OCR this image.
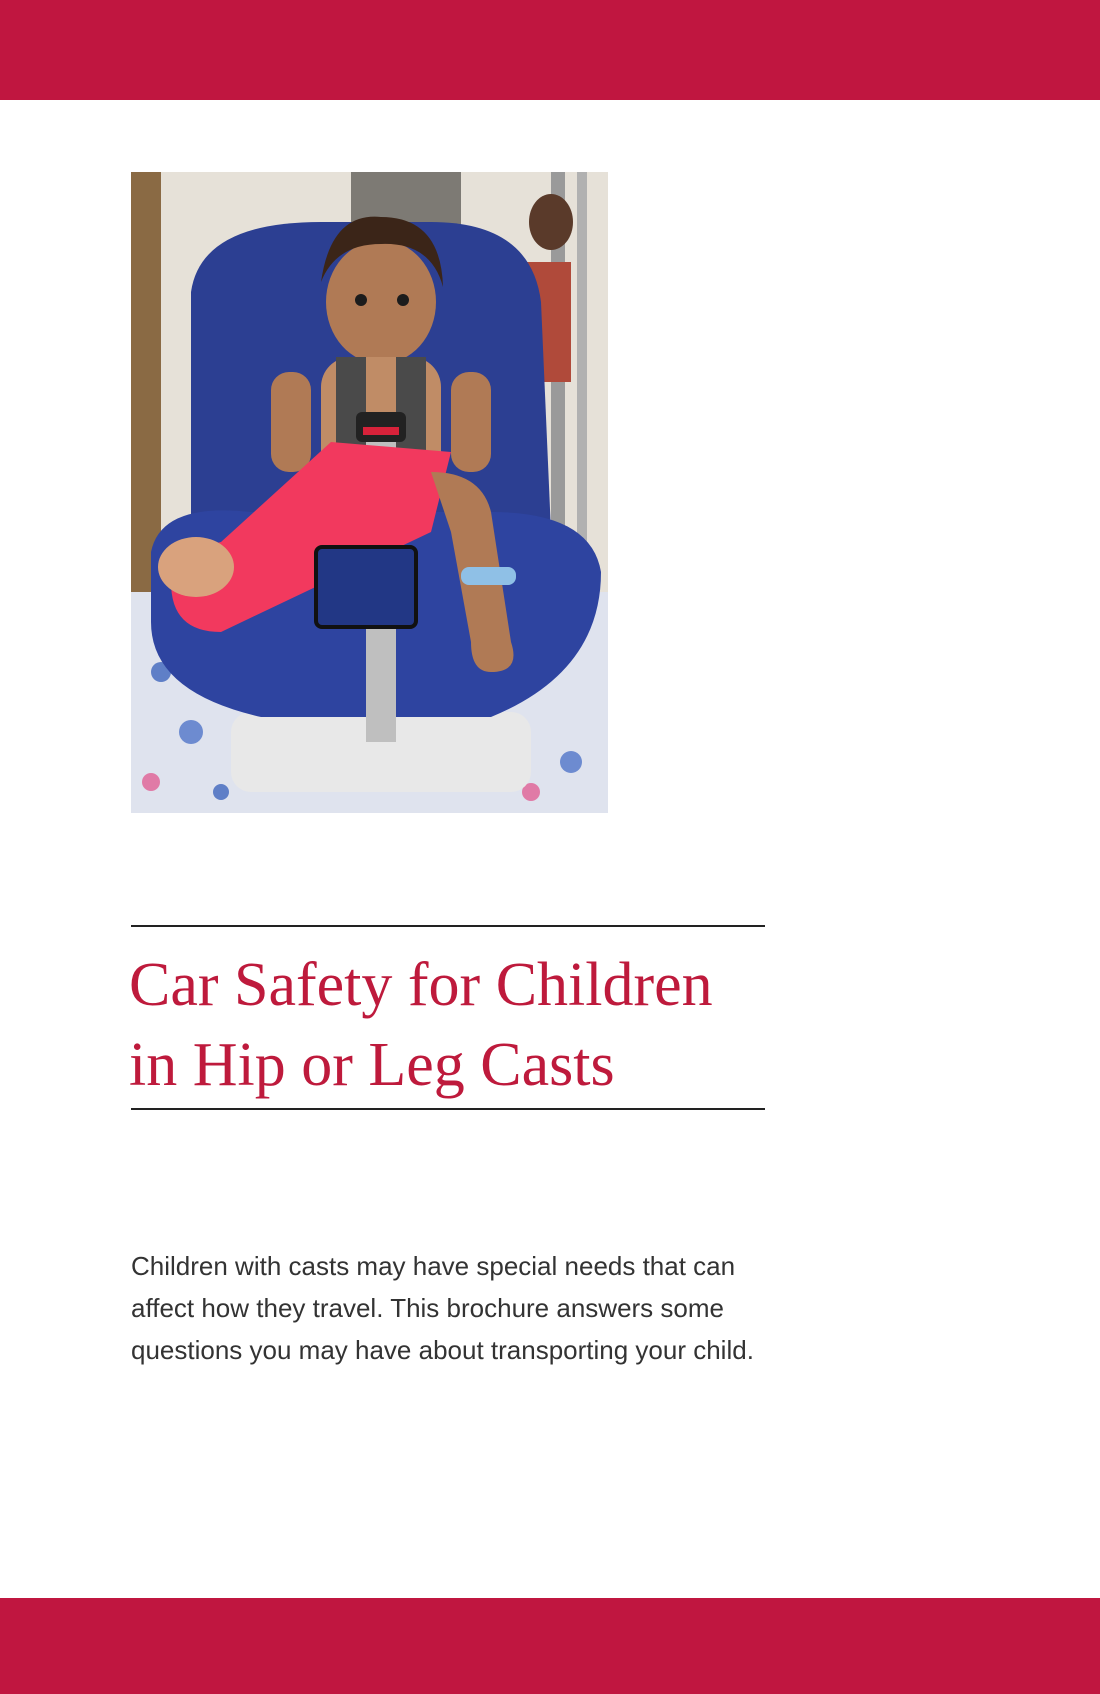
Car Safety for Children
in Hip or Leg Casts

Children with casts may have special needs that can
affect how they travel. This brochure answers some
questions you may have about transporting your child.
